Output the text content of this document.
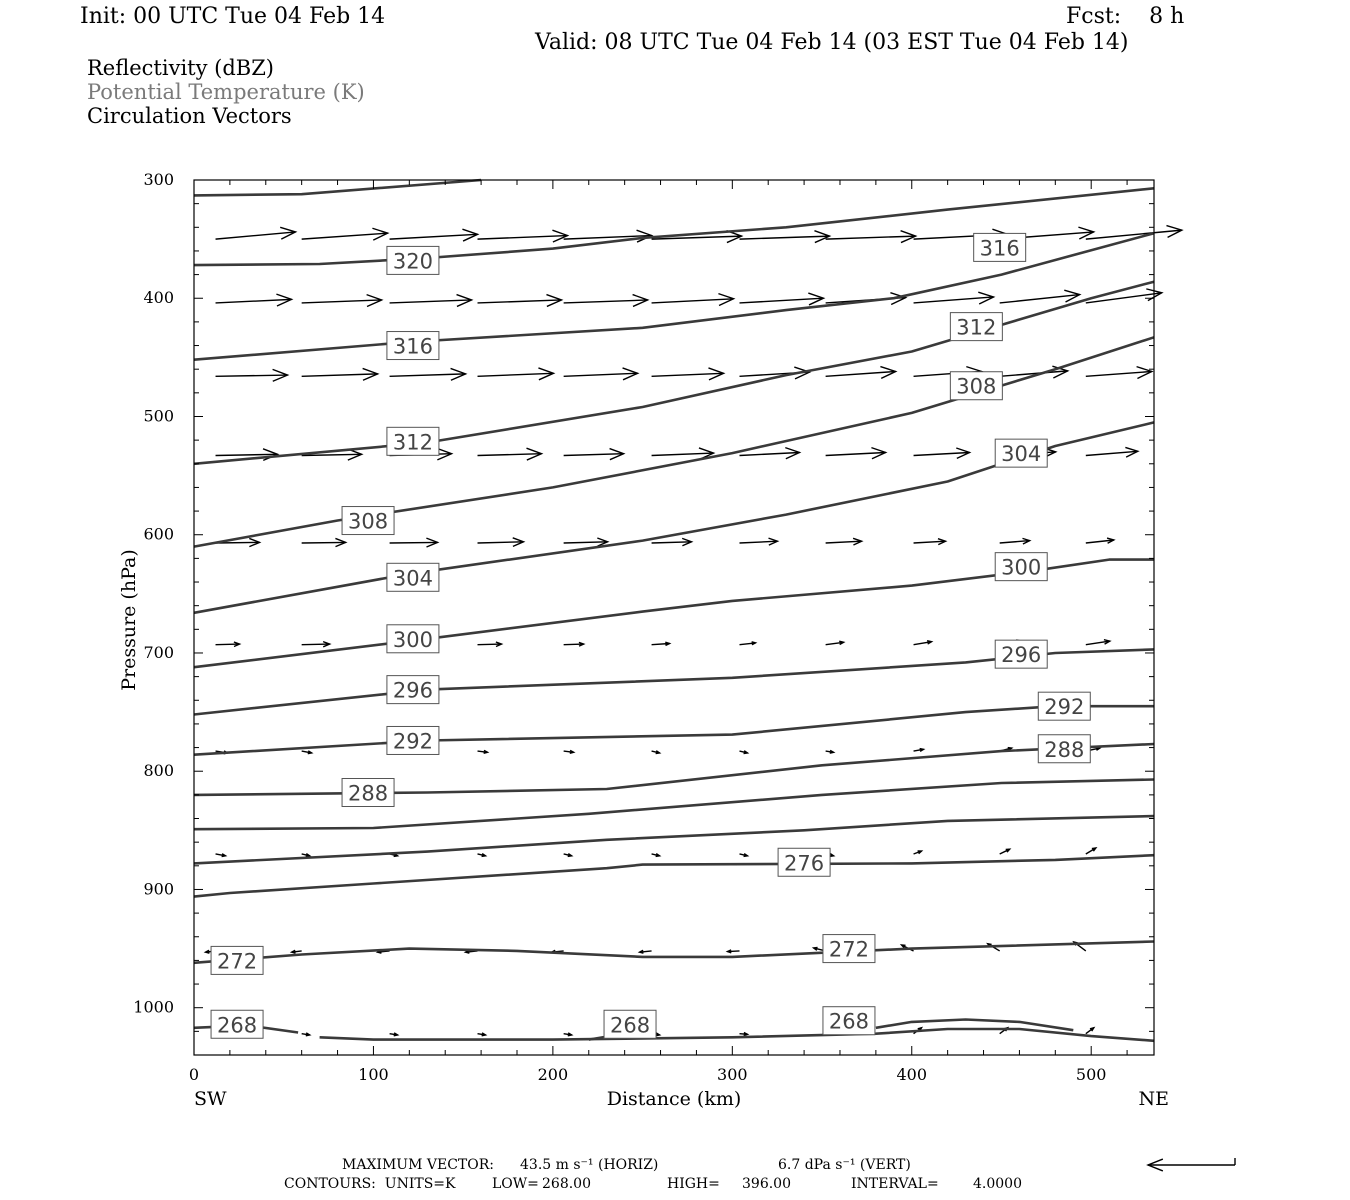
Init: 00 UTC Tue 04 Feb 14	Fcst:    8 h
Valid: 08 UTC Tue 04 Feb 14 (03 EST Tue 04 Feb 14)
Reflectivity (dBZ)
Potential Temperature (K)
Circulation Vectors
320
316
316
312
312
308
308
304
304	300
300
296
296
292
292	288
288
276
272	272
268	268	268
0	100	200	300	400	500
300
400
500
600
700
800
900
1000
Pressure (hPa)
Distance (km)
SW	NE
MAXIMUM VECTOR: 43.5 m s⁻¹ (HORIZ)	6.7 dPa s⁻¹ (VERT)
CONTOURS:  UNITS=K	LOW= 268.00	HIGH= 396.00	INTERVAL= 4.0000
